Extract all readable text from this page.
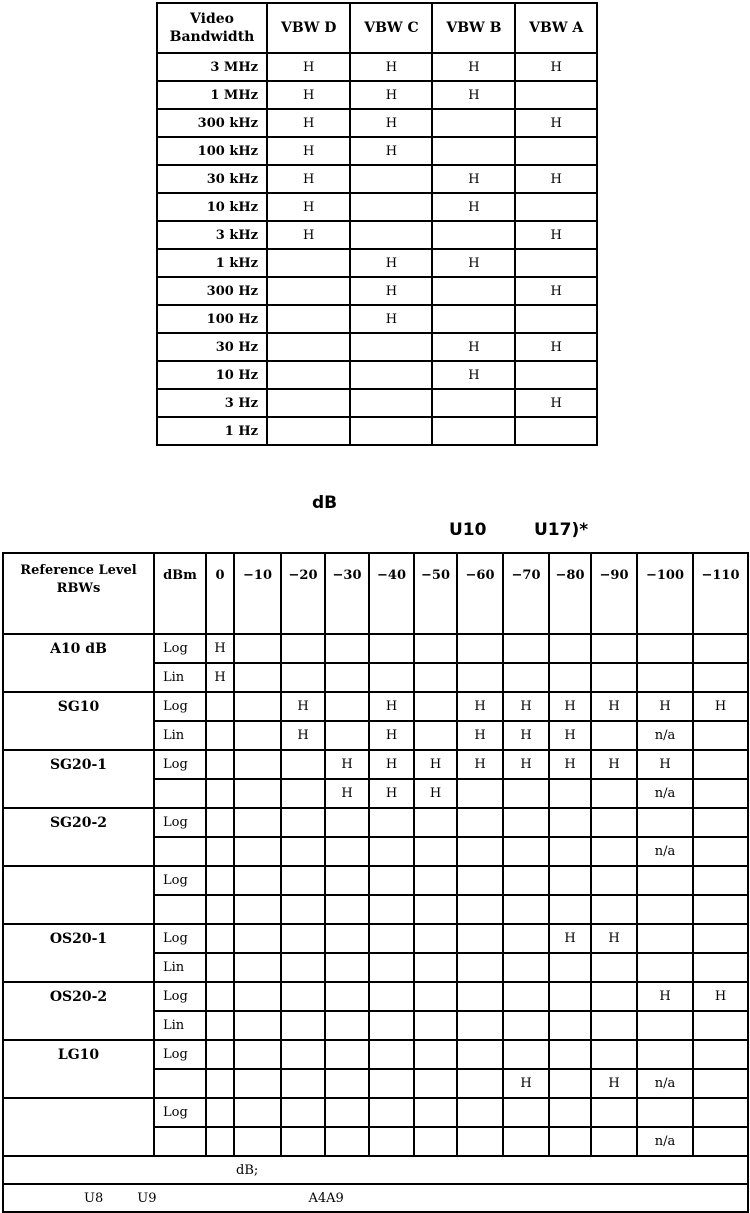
Video
Bandwidth	VBW D	VBW C	VBW B	VBW A
3 MHz	H	H	H	H
1 MHz	H	H	H	
300 kHz	H	H		H
100 kHz	H	H		
30 kHz	H		H	H
10 kHz	H		H	
3 kHz	H			H
1 kHz		H	H	
300 Hz		H		H
100 Hz		H		
30 Hz			H	H
10 Hz			H	
3 Hz				H
1 Hz				
dB
U10	U17)*
Reference Level
RBWs	dBm	0	−10	−20	−30	−40	−50	−60	−70	−80	−90	−100	−110
A10 dB	Log	H											
	Lin	H											
SG10	Log			H		H		H	H	H	H	H	H
	Lin			H		H		H	H	H		n/a	
SG20-1	Log				H	H	H	H	H	H	H	H	
					H	H	H					n/a	
SG20-2	Log												
												n/a	
	Log												

OS20-1	Log									H	H		
	Lin												
OS20-2	Log											H	H
	Lin												
LG10	Log												
									H		H	n/a	
	Log												
												n/a	
dB;													
U8 U9 A4A9													
